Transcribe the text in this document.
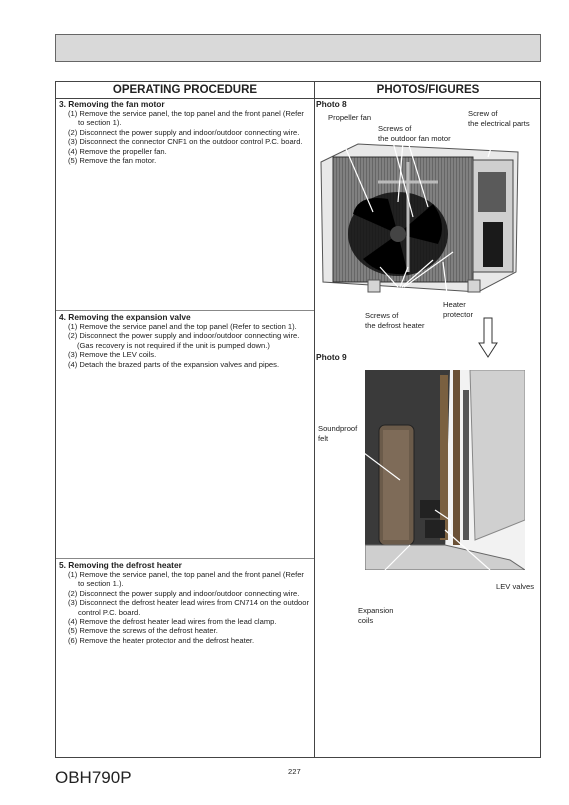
OPERATING PROCEDURE	PHOTOS/FIGURES
3. Removing the fan motor
(1) Remove the service panel, the top panel and the front panel (Refer to section 1).
(2) Disconnect the power supply and indoor/outdoor connecting wire.
(3) Disconnect the connector CNF1 on the outdoor control P.C. board.
(4) Remove the propeller fan.
(5) Remove the fan motor.
4. Removing the expansion valve
(1) Remove the service panel and the top panel (Refer to section 1).
(2) Disconnect the power supply and indoor/outdoor connecting wire.
(Gas recovery is not required if the unit is pumped down.)
(3) Remove the LEV coils.
(4) Detach the brazed parts of the expansion valves and pipes.
5. Removing the defrost heater
(1) Remove the service panel, the top panel and the front panel (Refer to section 1.).
(2) Disconnect the power supply and indoor/outdoor connecting wire.
(3) Disconnect the defrost heater lead wires from CN714 on the outdoor control P.C. board.
(4) Remove the defrost heater lead wires from the lead clamp.
(5) Remove the screws of the defrost heater.
(6) Remove the heater protector and the defrost heater.
Photo 8
Propeller fan
Screws of
the outdoor fan motor
Screw of
the electrical parts
Screws of
the defrost heater
Heater
protector
Photo 9
Soundproof
felt
LEV valves
Expansion
coils
OBH790P	227
